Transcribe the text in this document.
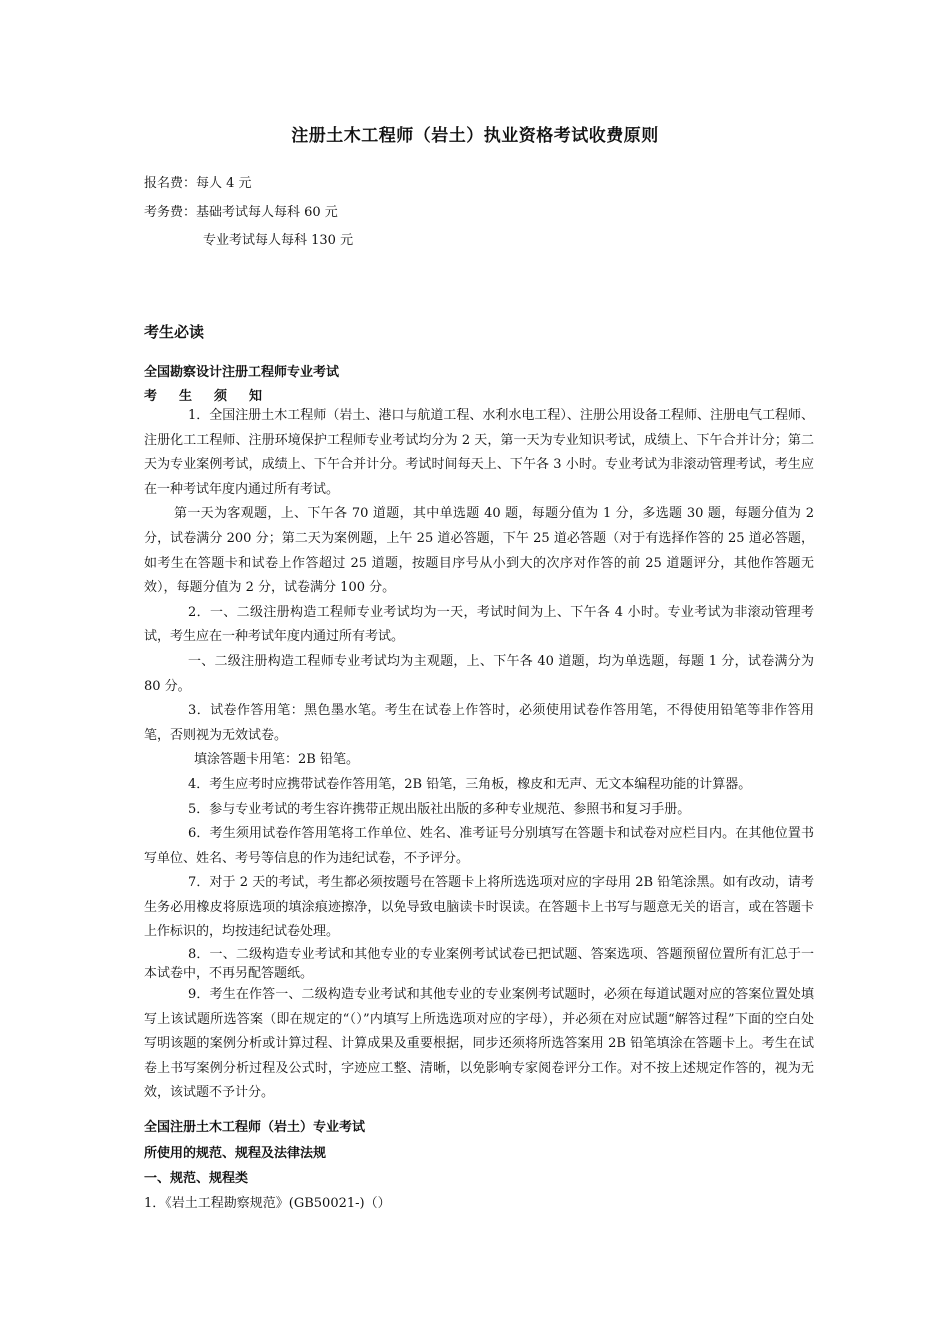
注册土木工程师（岩土）执业资格考试收费原则
报名费：每人 4 元
考务费：基础考试每人每科 60 元
专业考试每人每科 130 元
考生必读
全国勘察设计注册工程师专业考试
考生须知

1．全国注册土木工程师（岩土、港口与航道工程、水利水电工程）、注册公用设备工程师、注册电气工程师、注册化工工程师、注册环境保护工程师专业考试均分为 2 天，第一天为专业知识考试，成绩上、下午合并计分；第二天为专业案例考试，成绩上、下午合并计分。考试时间每天上、下午各 3 小时。专业考试为非滚动管理考试，考生应在一种考试年度内通过所有考试。

第一天为客观题，上、下午各 70 道题，其中单选题 40 题，每题分值为 1 分，多选题 30 题，每题分值为 2 分，试卷满分 200 分；第二天为案例题，上午 25 道必答题，下午 25 道必答题（对于有选择作答的 25 道必答题，如考生在答题卡和试卷上作答超过 25 道题，按题目序号从小到大的次序对作答的前 25 道题评分，其他作答题无效），每题分值为 2 分，试卷满分 100 分。

2．一、二级注册构造工程师专业考试均为一天，考试时间为上、下午各 4 小时。专业考试为非滚动管理考试，考生应在一种考试年度内通过所有考试。

一、二级注册构造工程师专业考试均为主观题，上、下午各 40 道题，均为单选题，每题 1 分，试卷满分为 80 分。

3．试卷作答用笔：黑色墨水笔。考生在试卷上作答时，必须使用试卷作答用笔，不得使用铅笔等非作答用笔，否则视为无效试卷。

填涂答题卡用笔：2B 铅笔。

4．考生应考时应携带试卷作答用笔，2B 铅笔，三角板，橡皮和无声、无文本编程功能的计算器。

5．参与专业考试的考生容许携带正规出版社出版的多种专业规范、参照书和复习手册。

6．考生须用试卷作答用笔将工作单位、姓名、准考证号分别填写在答题卡和试卷对应栏目内。在其他位置书写单位、姓名、考号等信息的作为违纪试卷，不予评分。

7．对于 2 天的考试，考生都必须按题号在答题卡上将所选选项对应的字母用 2B 铅笔涂黑。如有改动，请考生务必用橡皮将原选项的填涂痕迹擦净，以免导致电脑读卡时误读。在答题卡上书写与题意无关的语言，或在答题卡上作标识的，均按违纪试卷处理。

8．一、二级构造专业考试和其他专业的专业案例考试试卷已把试题、答案选项、答题预留位置所有汇总于一本试卷中，不再另配答题纸。

9．考生在作答一、二级构造专业考试和其他专业的专业案例考试题时，必须在每道试题对应的答案位置处填写上该试题所选答案（即在规定的“（）”内填写上所选选项对应的字母），并必须在对应试题“解答过程”下面的空白处写明该题的案例分析或计算过程、计算成果及重要根据，同步还须将所选答案用 2B 铅笔填涂在答题卡上。考生在试卷上书写案例分析过程及公式时，字迹应工整、清晰，以免影响专家阅卷评分工作。对不按上述规定作答的，视为无效，该试题不予计分。

全国注册土木工程师（岩土）专业考试
所使用的规范、规程及法律法规
一、规范、规程类
1．《岩土工程勘察规范》(GB50021-)（）
